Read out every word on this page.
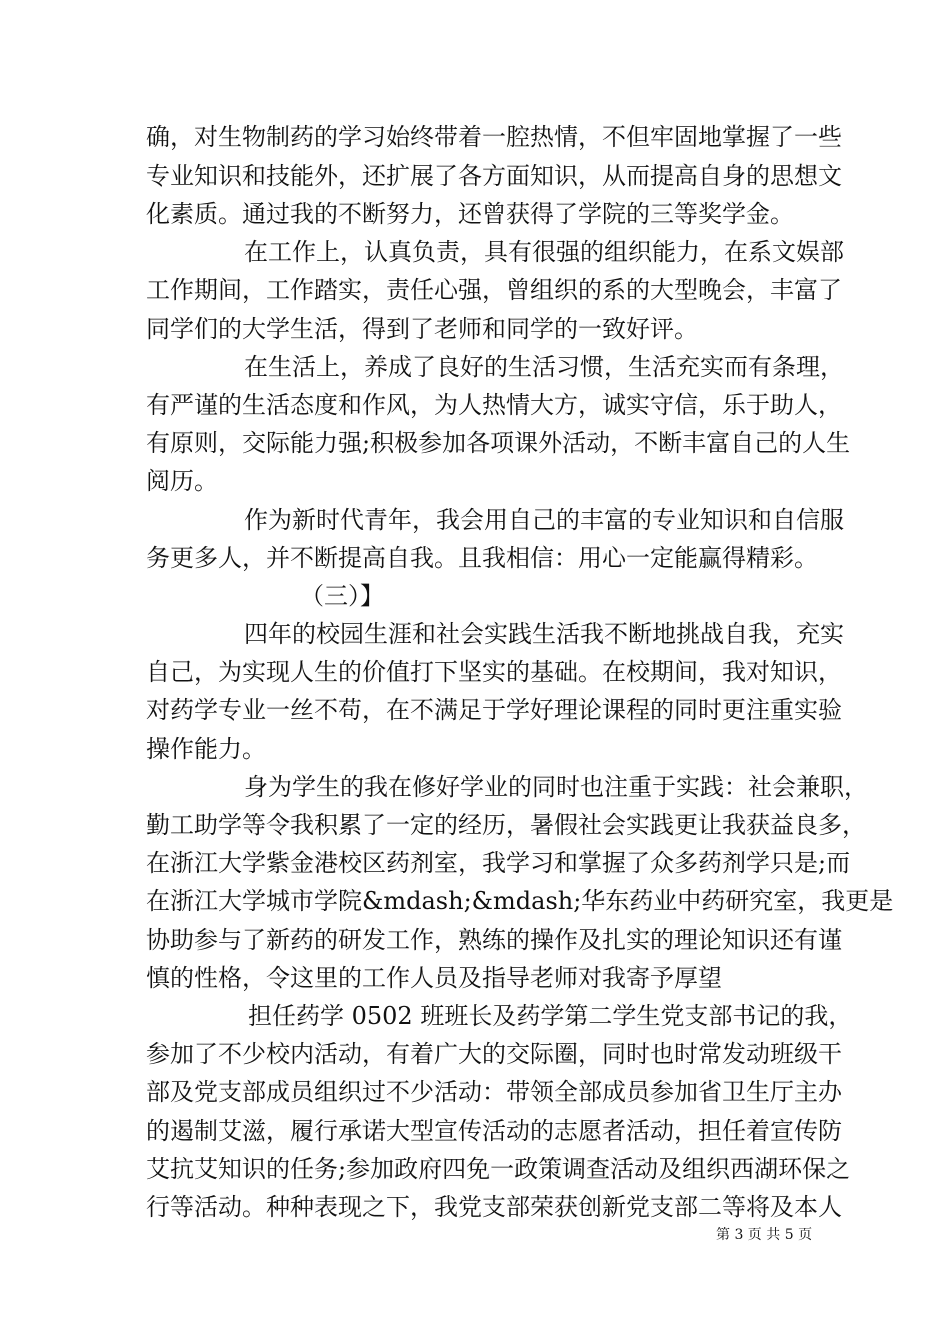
确，对生物制药的学习始终带着一腔热情，不但牢固地掌握了一些
专业知识和技能外，还扩展了各方面知识，从而提高自身的思想文
化素质。通过我的不断努力，还曾获得了学院的三等奖学金。
在工作上，认真负责，具有很强的组织能力，在系文娱部
工作期间，工作踏实，责任心强，曾组织的系的大型晚会，丰富了
同学们的大学生活，得到了老师和同学的一致好评。
在生活上，养成了良好的生活习惯，生活充实而有条理，
有严谨的生活态度和作风，为人热情大方，诚实守信，乐于助人，
有原则，交际能力强;积极参加各项课外活动，不断丰富自己的人生
阅历。
作为新时代青年，我会用自己的丰富的专业知识和自信服
务更多人，并不断提高自我。且我相信：用心一定能赢得精彩。
（三）】
四年的校园生涯和社会实践生活我不断地挑战自我，充实
自己，为实现人生的价值打下坚实的基础。在校期间，我对知识，
对药学专业一丝不苟，在不满足于学好理论课程的同时更注重实验
操作能力。
身为学生的我在修好学业的同时也注重于实践：社会兼职，
勤工助学等令我积累了一定的经历，暑假社会实践更让我获益良多，
在浙江大学紫金港校区药剂室，我学习和掌握了众多药剂学只是;而
在浙江大学城市学院&mdash;&mdash;华东药业中药研究室，我更是
协助参与了新药的研发工作，熟练的操作及扎实的理论知识还有谨
慎的性格，令这里的工作人员及指导老师对我寄予厚望
担任药学 0502 班班长及药学第二学生党支部书记的我，
参加了不少校内活动，有着广大的交际圈，同时也时常发动班级干
部及党支部成员组织过不少活动：带领全部成员参加省卫生厅主办
的遏制艾滋，履行承诺大型宣传活动的志愿者活动，担任着宣传防
艾抗艾知识的任务;参加政府四免一政策调查活动及组织西湖环保之
行等活动。种种表现之下，我党支部荣获创新党支部二等将及本人
第 3 页 共 5 页
